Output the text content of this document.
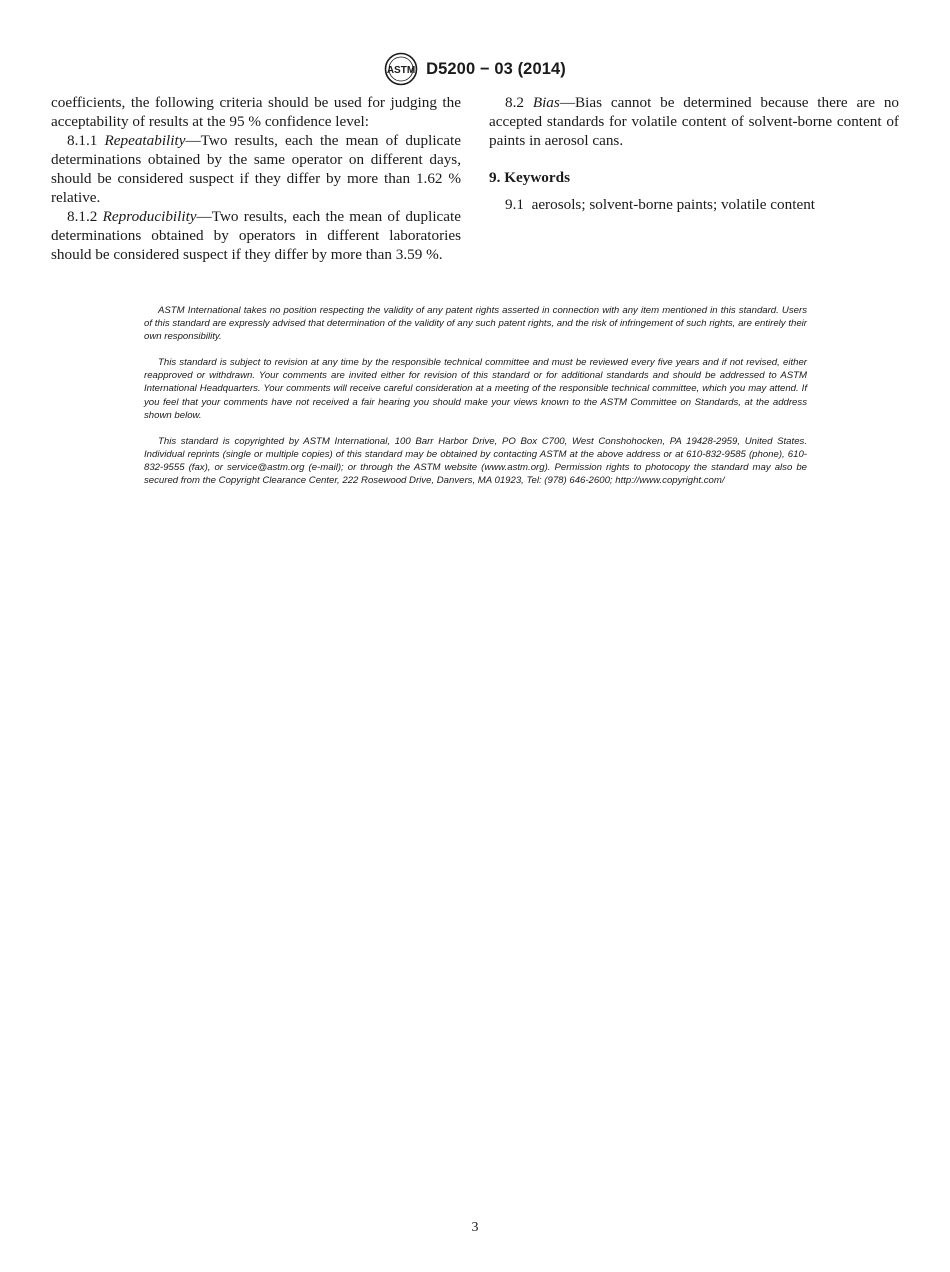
ASTM D5200 − 03 (2014)

coefficients, the following criteria should be used for judging the acceptability of results at the 95 % confidence level:

8.1.1 Repeatability—Two results, each the mean of duplicate determinations obtained by the same operator on different days, should be considered suspect if they differ by more than 1.62 % relative.

8.1.2 Reproducibility—Two results, each the mean of duplicate determinations obtained by operators in different laboratories should be considered suspect if they differ by more than 3.59 %.

8.2 Bias—Bias cannot be determined because there are no accepted standards for volatile content of solvent-borne content of paints in aerosol cans.

9. Keywords

9.1 aerosols; solvent-borne paints; volatile content

ASTM International takes no position respecting the validity of any patent rights asserted in connection with any item mentioned in this standard. Users of this standard are expressly advised that determination of the validity of any such patent rights, and the risk of infringement of such rights, are entirely their own responsibility.

This standard is subject to revision at any time by the responsible technical committee and must be reviewed every five years and if not revised, either reapproved or withdrawn. Your comments are invited either for revision of this standard or for additional standards and should be addressed to ASTM International Headquarters. Your comments will receive careful consideration at a meeting of the responsible technical committee, which you may attend. If you feel that your comments have not received a fair hearing you should make your views known to the ASTM Committee on Standards, at the address shown below.

This standard is copyrighted by ASTM International, 100 Barr Harbor Drive, PO Box C700, West Conshohocken, PA 19428-2959, United States. Individual reprints (single or multiple copies) of this standard may be obtained by contacting ASTM at the above address or at 610-832-9585 (phone), 610-832-9555 (fax), or service@astm.org (e-mail); or through the ASTM website (www.astm.org). Permission rights to photocopy the standard may also be secured from the Copyright Clearance Center, 222 Rosewood Drive, Danvers, MA 01923, Tel: (978) 646-2600; http://www.copyright.com/

3
